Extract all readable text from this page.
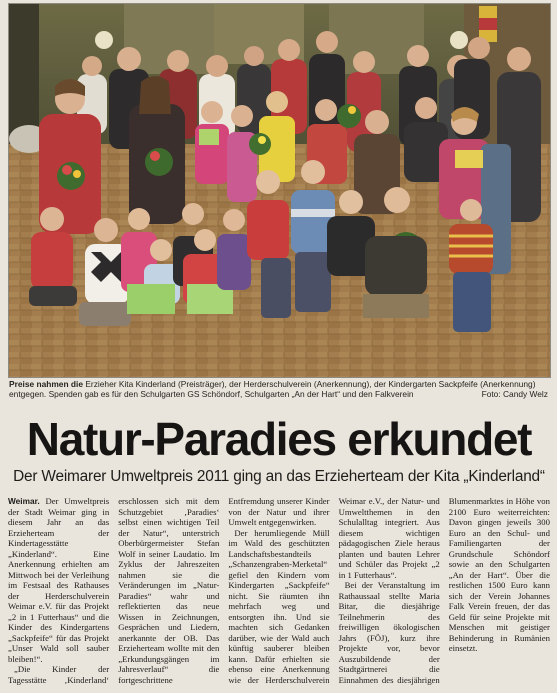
Preise nahmen die Erzieher Kita Kinderland (Preisträger), der Herderschulverein (Anerkennung), der Kindergarten Sackpfeife (Anerkennung) entgegen. Spenden gab es für den Schulgarten GS Schöndorf, Schulgarten „An der Hart“ und den Falkverein	Foto: Candy Welz
Natur-Paradies erkundet
Der Weimarer Umweltpreis 2011 ging an das Erzieherteam der Kita „Kinderland“

Weimar. Der Umweltpreis der Stadt Weimar ging in diesem Jahr an das Erzieherteam der Kindertagesstätte „Kinderland“. Eine Anerkennung erhielten am Mittwoch bei der Verleihung im Festsaal des Rathauses der Herderschulverein Weimar e.V. für das Projekt „2 in 1 Futterhaus“ und die Kinder des Kindergartens „Sackpfeife“ für das Projekt „Unser Wald soll sauber bleiben!“.

„Die Kinder der Tagesstätte ‚Kinderland‘ erschlossen sich mit dem Schutzgebiet ‚Paradies‘ selbst einen wichtigen Teil der Natur“, unterstrich Oberbürgermeister Stefan Wolf in seiner Laudatio. Im Zyklus der Jahreszeiten nahmen sie die Veränderungen im „Natur-Paradies“ wahr und reflektierten das neue Wissen in Zeichnungen, Gesprächen und Liedern, anerkannte der OB. Das Erzieherteam wollte mit den „Erkundungsgängen im Jahresverlauf“ die fortgeschrittene Entfremdung unserer Kinder von der Natur und ihrer Umwelt entgegenwirken.

Der herumliegende Müll im Wald des geschützten Landschaftsbestandteils „Schanzengraben-Merketal“ gefiel den Kindern vom Kindergarten „Sackpfeife“ nicht. Sie räumten ihn mehrfach weg und entsorgten ihn. Und sie machten sich Gedanken darüber, wie der Wald auch künftig sauberer bleiben kann. Dafür erhielten sie ebenso eine Anerkennung wie der Herderschulverein Weimar e.V., der Natur- und Umweltthemen in den Schulalltag integriert. Aus diesem wichtigen pädagogischen Ziele heraus planten und bauten Lehrer und Schüler das Projekt „2 in 1 Futterhaus“.

Bei der Veranstaltung im Rathaussaal stellte Maria Bitar, die diesjährige Teilnehmerin des freiwilligen ökologischen Jahrs (FÖJ), kurz ihre Projekte vor, bevor Auszubildende der Stadtgärtnerei die Einnahmen des diesjährigen Blumenmarktes in Höhe von 2100 Euro weiterreichten: Davon gingen jeweils 300 Euro an den Schul- und Familiengarten der Grundschule Schöndorf sowie an den Schulgarten „An der Hart“. Über die restlichen 1500 Euro kann sich der Verein Johannes Falk Verein freuen, der das Geld für seine Projekte mit Menschen mit geistiger Behinderung in Rumänien einsetzt.
